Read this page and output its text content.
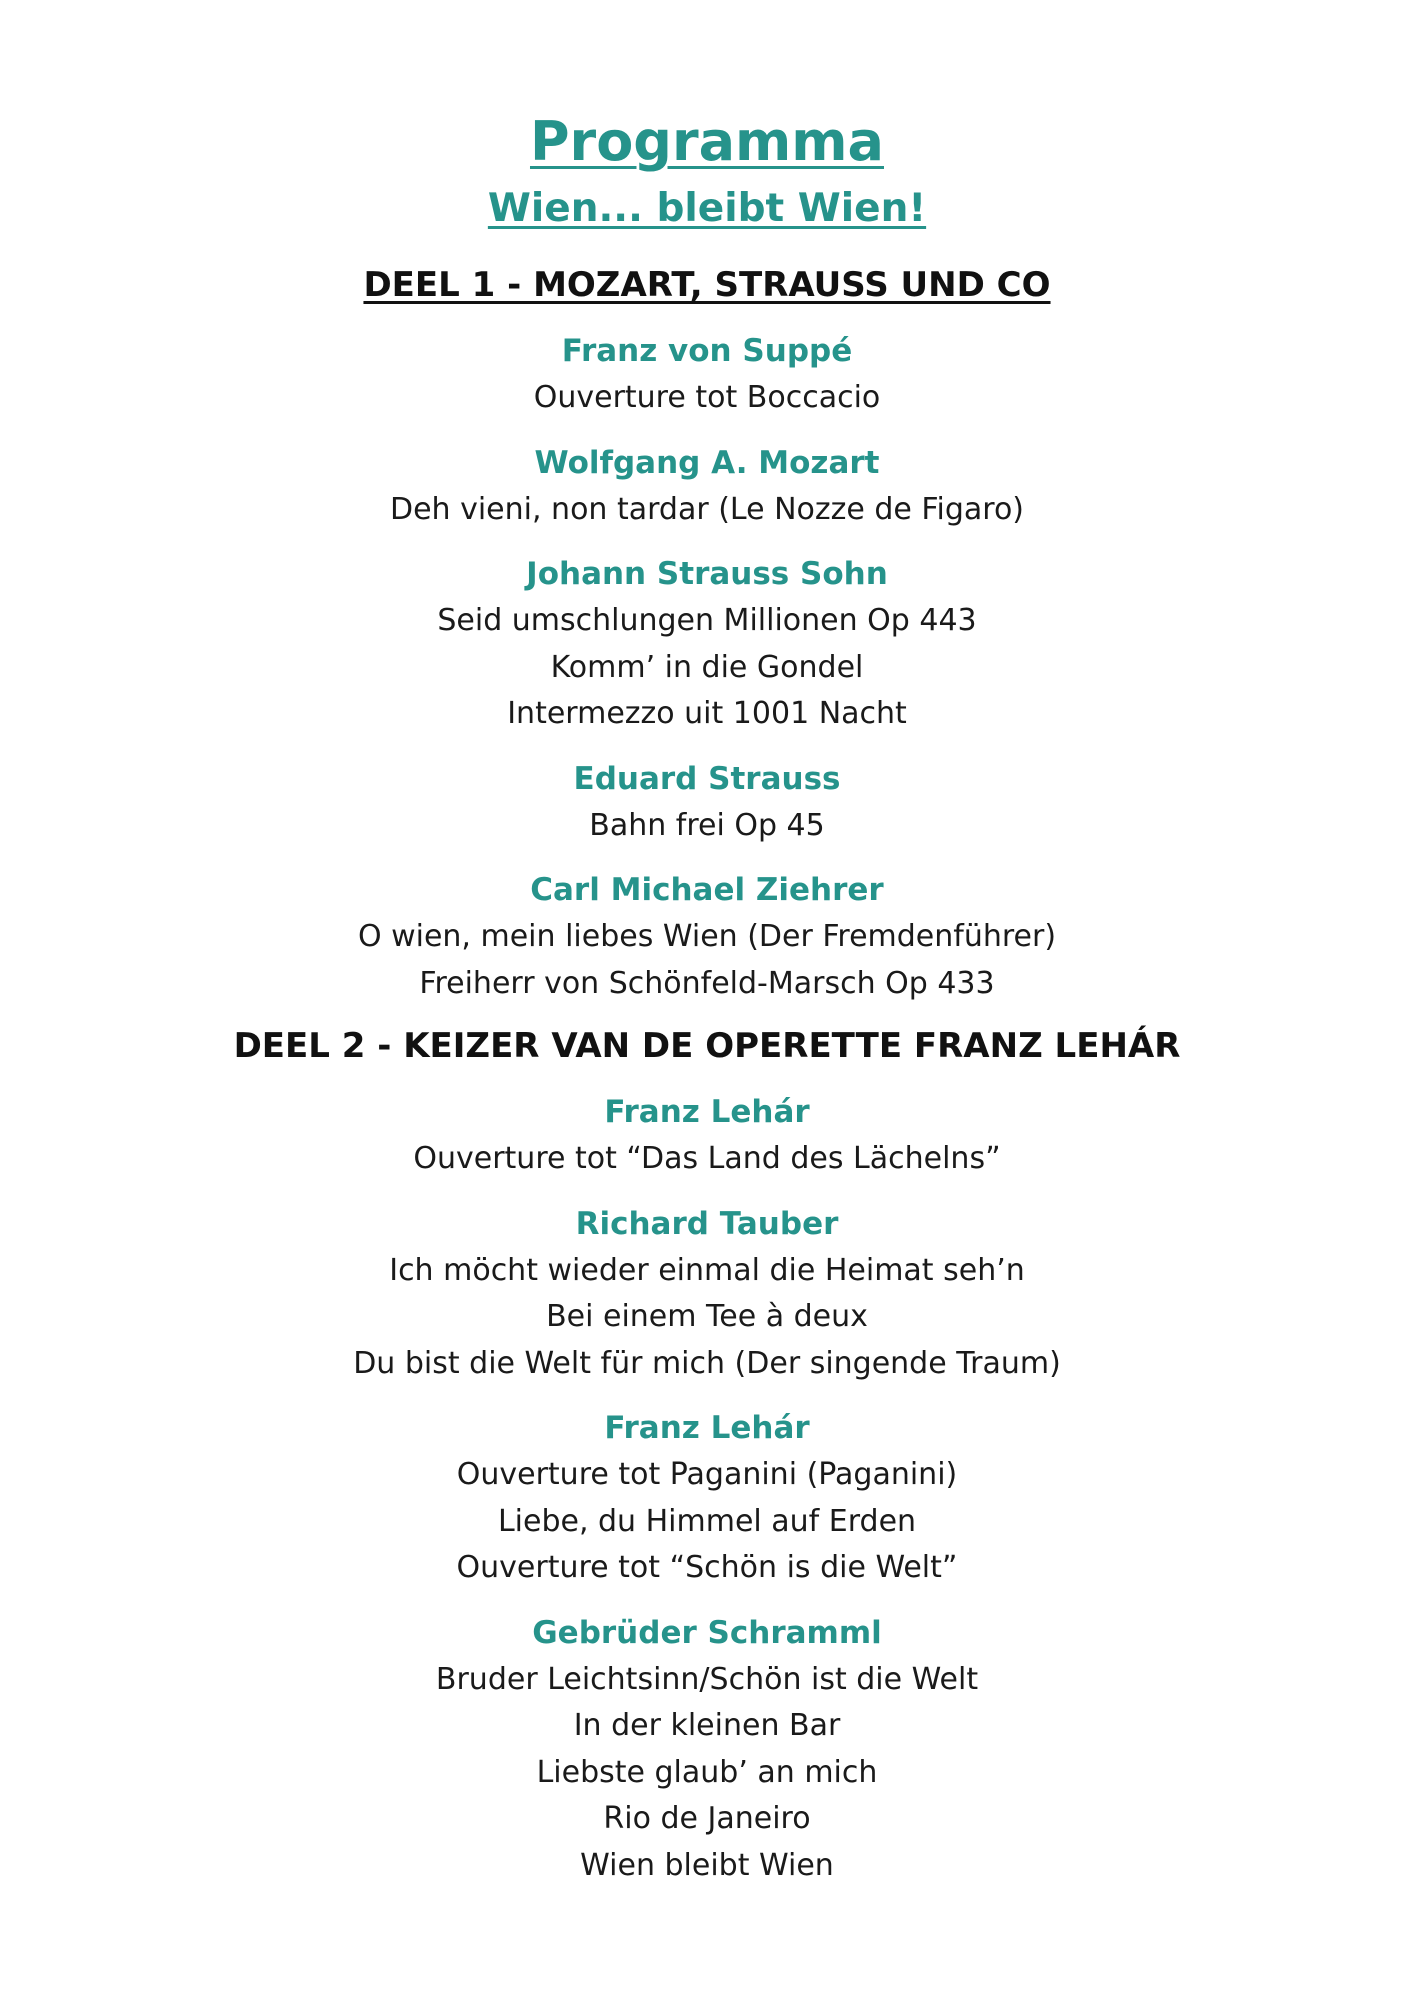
Programma
Wien... bleibt Wien!
DEEL 1 - MOZART, STRAUSS UND CO

Franz von Suppé

Ouverture tot Boccacio

Wolfgang A. Mozart

Deh vieni, non tardar (Le Nozze de Figaro)

Johann Strauss Sohn

Seid umschlungen Millionen Op 443

Komm’ in die Gondel

Intermezzo uit 1001 Nacht

Eduard Strauss

Bahn frei Op 45

Carl Michael Ziehrer

O wien, mein liebes Wien (Der Fremdenführer)

Freiherr von Schönfeld-Marsch Op 433

DEEL 2 - KEIZER VAN DE OPERETTE FRANZ LEHÁR

Franz Lehár

Ouverture tot “Das Land des Lächelns”

Richard Tauber

Ich möcht wieder einmal die Heimat seh’n

Bei einem Tee à deux

Du bist die Welt für mich (Der singende Traum)

Franz Lehár

Ouverture tot Paganini (Paganini)

Liebe, du Himmel auf Erden

Ouverture tot “Schön is die Welt”

Gebrüder Schramml

Bruder Leichtsinn/Schön ist die Welt

In der kleinen Bar

Liebste glaub’ an mich

Rio de Janeiro

Wien bleibt Wien
